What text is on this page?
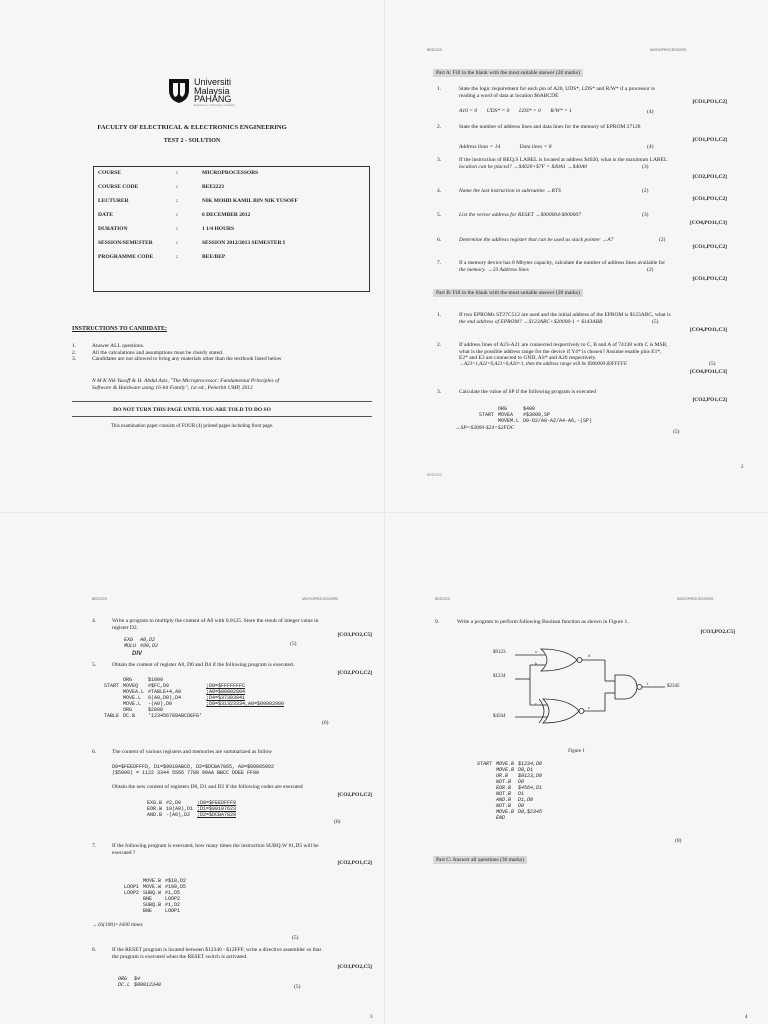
Universiti
Malaysia
PAHANG
Engineering • Technology • Creativity
FACULTY OF ELECTRICAL & ELECTRONICS ENGINEERING
TEST 2 - SOLUTION
COURSE	:	MICROPROCESSORS
COURSE CODE	:	BEE2223
LECTURER	:	NIK MOHD KAMIL BIN NIK YUSOFF
DATE	:	6 DECEMBER 2012
DURATION	:	1 1/4 HOURS
SESSION/SEMESTER	:	SESSION 2012/2013 SEMESTER I
PROGRAMME CODE	:	BEE/BEP
INSTRUCTIONS TO CANDIDATE:
1.	Answer ALL questions.
2.	All the calculations and assumptions must be clearly stated.
3.	Candidates are not allowed to bring any materials other than the textbook listed below
N M K Nik Yusoff & H. Abdul Aziz, "The Microprocessor: Fundamental Principles of
Software & Hardware using 16-bit Family", 1st ed., Penerbit UMP, 2012
DO NOT TURN THIS PAGE UNTIL YOU ARE TOLD TO DO SO
This examination paper consists of FOUR (4) printed pages including front page.
BEE2223	MICROPROCESSORS
Part A: Fill in the blank with the most suitable answer (20 marks)
1.	State the logic requirement for each pin of A20, UDS*, LDS* and R/W* if a processor is
reading a word of data at location $6ABCDE
[CO1,PO1,C2]
A10 = 0       UDS* = 0       LDS* = 0       R/W* = 1	(4)
2.	State the number of address lines and data lines for the memory of EPROM 27128
[CO1,PO1,C2]
Address lines = 14              Data lines = 8	(4)
3.	If the instruction of BEQ.S LABEL is located at address $4020, what is the maximum LABEL
location can be placed? →$4020+$7F = $40A1 →$40A0	(3)
[CO2,PO1,C2]
4.	Name the last instruction in subroutine →RTS	(2)
[CO1,PO1,C2]
5.	List the vector address for RESET →$000004-$000007	(3)
[CO4,PO11,C3]
6.	Determine the address register that can be used as stack pointer →A7	(2)
[CO1,PO1,C2]
7.	If a memory device has 8 Mbytes capacity, calculate the number of address lines available for
the memory. →23 Address lines	(2)
[CO1,PO1,C2]
Part B: Fill in the blank with the most suitable answer (30 marks)
1.	If two EPROMs ST27C512 are used and the initial address of the EPROM is $123ABC, what is
the end address of EPROM? →$123ABC+$20000-1 = $143ABB	(5)
[CO4,PO11,C3]
2.	If address lines of A23-A21 are connected respectively to C, B and A of 74138 with C is MSB,
what is the possible address range for the device if Y4* is chosen? Assume enable pins E1*,
E2* and E3 are connected to GND, AS* and A20 respectively.
→A23=1,A22=0,A21=0,A20=1, then the address range will be $900000-$9FFFFF.	(5)
[CO4,PO11,C3]
3.	Calculate the value of SP if the following program is executed
[CO2,PO1,C2]
	ORG	$400
START	MOVEA	#$3000,SP
	MOVEM.L	D0-D2/A0-A2/A4-A6,-(SP)
→SP=$3000-$24=$2FDC
(5)
2
BEE2223
BEE2223	MICROPROCESSORS
4.	Write a program to multiply the content of A0 with 0.0125. Store the result of integer value in
register D2.
[CO3,PO2,C5]
EXG	A0,D2
MULU	#80,D2
DIV
(5)
5.	Obtain the content of register A0, D0 and D4 if the following program is executed.
[CO2,PO1,C2]
	ORG	$1000	
START	MOVEQ	#$FC,D0	;D0=$FFFFFFFC
	MOVEA.L	#TABLE+4,A0	;A0=$00002004
	MOVE.L	6(A0,D0),D4	;D4=$37383941
	MOVE.L	-(A0),D0	;D0=$31323334,A0=$00002000

	ORG	$2000	
TABLE	DC.B	'123456789ABCDEFG'	
(6)
6.	The content of various registers and memories are summarized as follow
D0=$FEEDFFFD, D1=$9010ABCD, D2=$DCBA7865, A0=$00005002
($5000) = 1122 3344 5566 7788 99AA BBCC DDEE FF00
Obtain the new content of registers D0, D1 and D2 if the following codes are executed
[CO2,PO1,C2]
EXG.B	#2,D0	;D0=$FEEDFFF9
EOR.W	10(A0),D1	;D1=$90107623
AND.B	-(A0),D2	;D2=$DCBA7820
(6)
7.	If the following program is executed, how many times the instruction SUBQ.W #1,D5 will be
executed ?
[CO2,PO1,C2]
	MOVE.B	#$10,D2
LOOP1	MOVE.W	#100,D5
LOOP2	SUBQ.W	#1,D5
	BNE	LOOP2
	SUBQ.B	#1,D2
	BNE	LOOP1
→16(100)=1600 times
(5)
8.	If the RESET program is located between $12340 - $12FFF, write a directive assembler so that
the program is executed when the RESET switch is activated.
[CO3,PO2,C5]
ORG	$4
DC.L	$00012340	(5)
3
BEE2223	MICROPROCESSORS
9.	Write a program to perform following Boolean function as shown in Figure 1.
[CO3,PO2,C5]
$9123
$1234
$4564
$2345
a
b
c
d
e
f
Figure 1
START	MOVE.B	$1234,D0
	MOVE.B	D0,D1
	OR.B	$9123,D0
	NOT.B	D0
	EOR.B	$4564,D1
	NOT.B	D1
	AND.B	D1,D0
	NOT.B	D0
	MOVE.B	D0,$2345
	END	
(8)
Part C: Answer all questions (30 marks)
4
